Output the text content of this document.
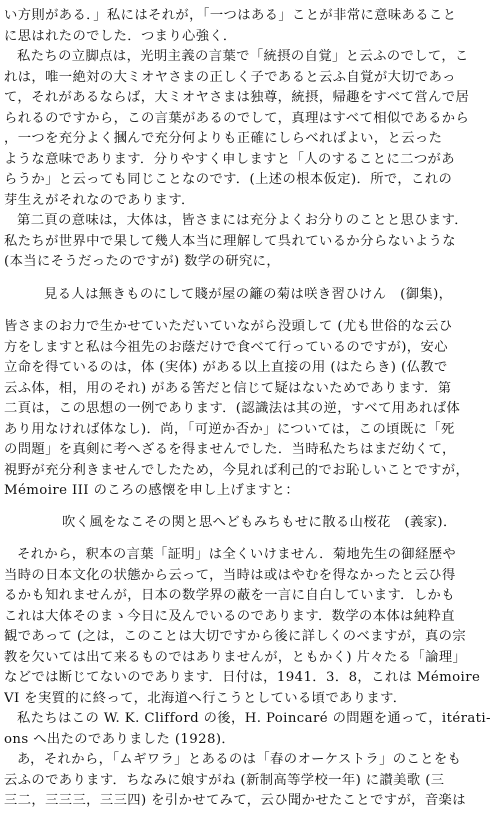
い方則がある．」私にはそれが，「一つはある」ことが非常に意味あること
に思はれたのでした．つまり心強く．
私たちの立脚点は，光明主義の言葉で「統摂の自覚」と云ふのでして，こ
れは，唯一絶対の大ミオヤさまの正しく子であると云ふ自覚が大切であっ
て，それがあるならば，大ミオヤさまは独尊，統摂，帰趣をすべて営んで居
られるのですから，この言葉があるのでして，真理はすべて相似であるから
，一つを充分よく摑んで充分何よりも正確にしらべればよい，と云った
ような意味であります．分りやすく申しますと「人のすることに二つがあ
らうか」と云っても同じことなのです．(上述の根本仮定)．所で，これの
芽生えがそれなのであります．
第二頁の意味は，大体は，皆さまには充分よくお分りのことと思ひます．
私たちが世界中で果して幾人本当に理解して呉れているか分らないような
(本当にそうだったのですが) 数学の研究に，
見る人は無きものにして賤が屋の籬の菊は咲き習ひけん　(御集)，
皆さまのお力で生かせていただいていながら没頭して (尤も世俗的な云ひ
方をしますと私は今祖先のお蔭だけで食べて行っているのですが)，安心
立命を得ているのは，体 (実体) がある以上直接の用 (はたらき) (仏教で
云ふ体，相，用のそれ) がある筈だと信じて疑はないためであります．第
二頁は，この思想の一例であります．(認識法は其の逆，すべて用あれば体
あり用なければ体なし)．尚，「可逆か否か」については，この頃既に「死
の問題」を真剣に考へざるを得ませんでした．当時私たちはまだ幼くて，
視野が充分利きませんでしたため，今見れば利己的でお恥しいことですが，
Mémoire III のころの感懐を申し上げますと：
吹く風をなこその関と思へどもみちもせに散る山桜花　(義家)．
それから，釈本の言葉「証明」は全くいけません．菊地先生の御経歴や
当時の日本文化の状態から云って，当時は或はやむを得なかったと云ひ得
るかも知れませんが，日本の数学界の蔽を一言に自白しています．しかも
これは大体そのまゝ今日に及んでいるのであります．数学の本体は純粋直
観であって (之は，このことは大切ですから後に詳しくのべますが，真の宗
教を欠いては出て来るものではありませんが，ともかく) 片々たる「論理」
などでは断じてないのであります．日付は，1941．3．8，これは Mémoire
VI を実質的に終って，北海道へ行こうとしている頃であります．
私たちはこの W. K. Clifford の後，H. Poincaré の問題を通って，itérati-
ons へ出たのでありました (1928)．
あ，それから，「ムギワラ」とあるのは「春のオーケストラ」のことをも
云ふのであります．ちなみに娘すがね (新制高等学校一年) に讃美歌 (三
三二，三三三，三三四) を引かせてみて，云ひ聞かせたことですが，音楽は
